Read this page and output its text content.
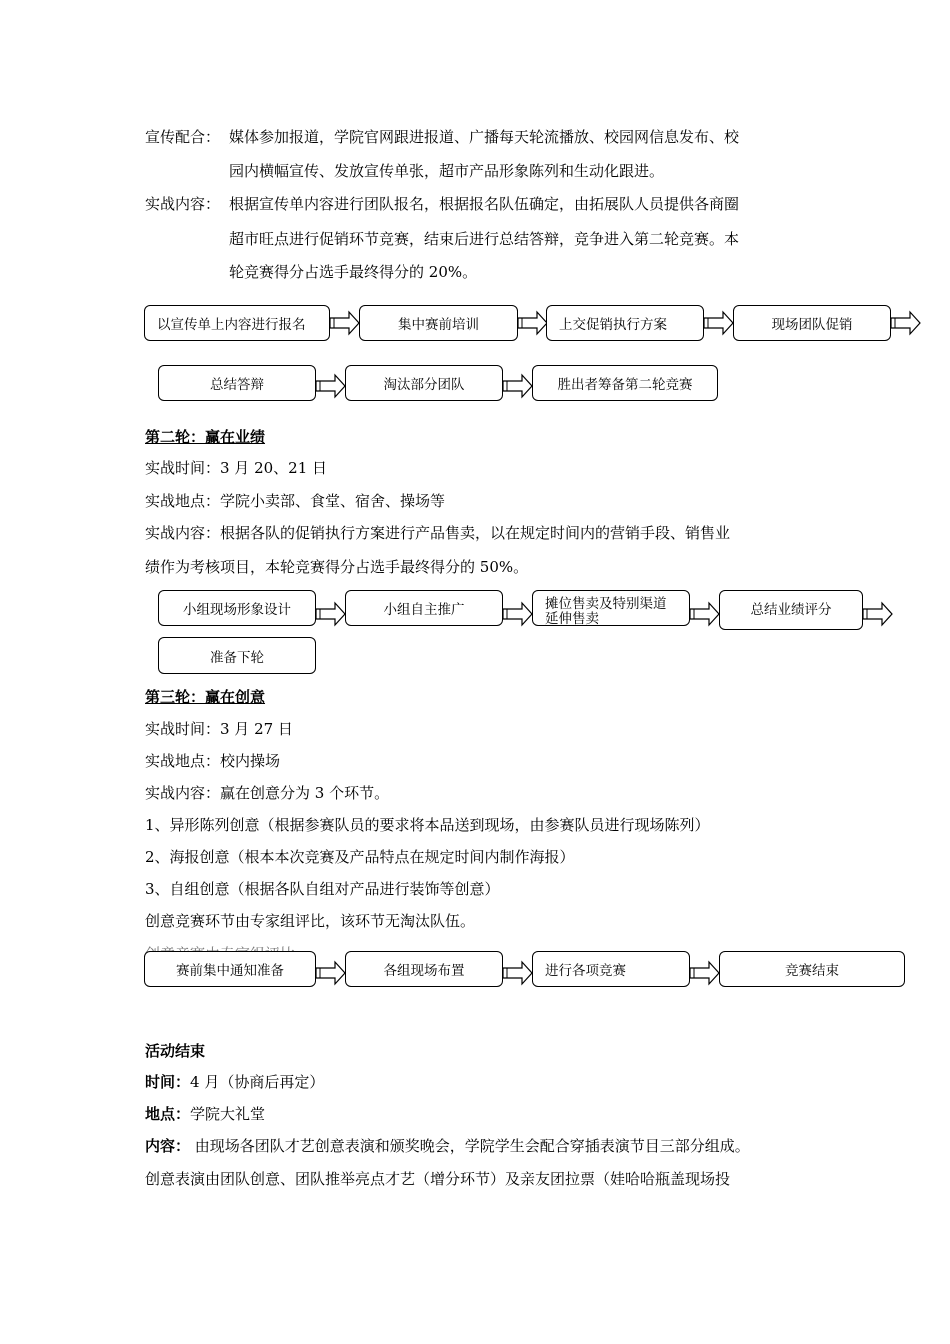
宣传配合： 媒体参加报道，学院官网跟进报道、广播每天轮流播放、校园网信息发布、校
园内横幅宣传、发放宣传单张，超市产品形象陈列和生动化跟进。
实战内容： 根据宣传单内容进行团队报名，根据报名队伍确定，由拓展队人员提供各商圈
超市旺点进行促销环节竞赛，结束后进行总结答辩，竞争进入第二轮竞赛。本
轮竞赛得分占选手最终得分的 20%。
以宣传单上内容进行报名	集中赛前培训	上交促销执行方案	现场团队促销
总结答辩	淘汰部分团队	胜出者筹备第二轮竞赛
第二轮：赢在业绩
实战时间：3 月 20、21 日
实战地点：学院小卖部、食堂、宿舍、操场等
实战内容：根据各队的促销执行方案进行产品售卖，以在规定时间内的营销手段、销售业
绩作为考核项目，本轮竞赛得分占选手最终得分的 50%。
小组现场形象设计	小组自主推广	摊位售卖及特别渠道延伸售卖
总结业绩评分
准备下轮
第三轮：赢在创意
实战时间：3 月 27 日
实战地点：校内操场
实战内容：赢在创意分为 3 个环节。
1、异形陈列创意（根据参赛队员的要求将本品送到现场，由参赛队员进行现场陈列）
2、海报创意（根本本次竞赛及产品特点在规定时间内制作海报）
3、自组创意（根据各队自组对产品进行装饰等创意）
创意竞赛环节由专家组评比，该环节无淘汰队伍。
赛前集中通知准备	各组现场布置	进行各项竞赛	竞赛结束
活动结束
时间：4 月（协商后再定）
地点：学院大礼堂
内容： 由现场各团队才艺创意表演和颁奖晚会，学院学生会配合穿插表演节目三部分组成。
创意表演由团队创意、团队推举亮点才艺（增分环节）及亲友团拉票（娃哈哈瓶盖现场投
